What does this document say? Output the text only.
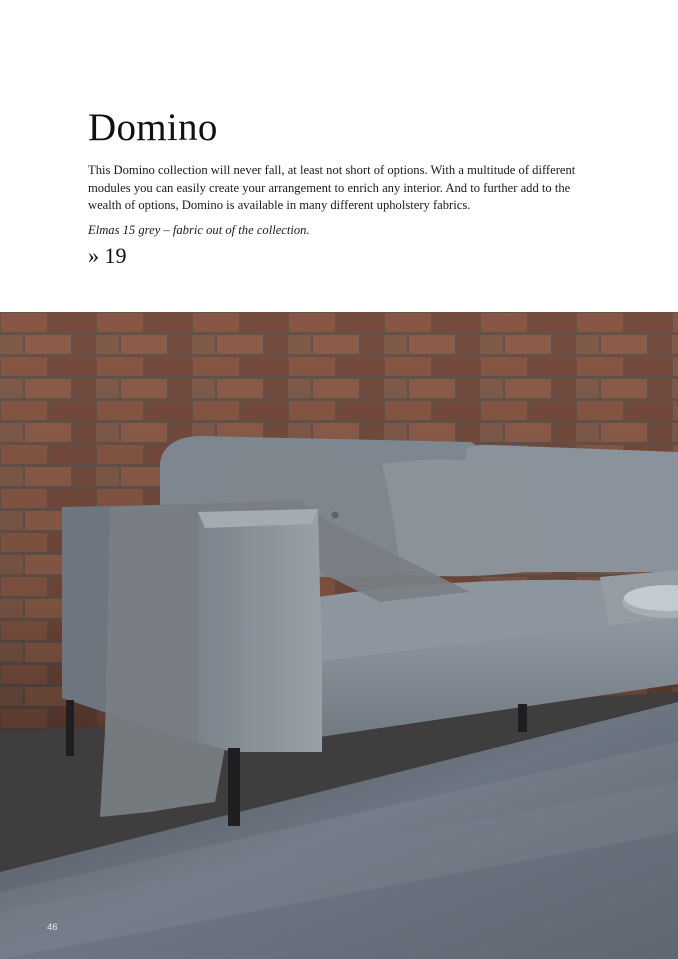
Domino

This Domino collection will never fall, at least not short of options. With a multitude of different modules you can easily create your arrangement to enrich any interior. And to further add to the wealth of options, Domino is available in many different upholstery fabrics.

Elmas 15 grey – fabric out of the collection.

» 19

46
